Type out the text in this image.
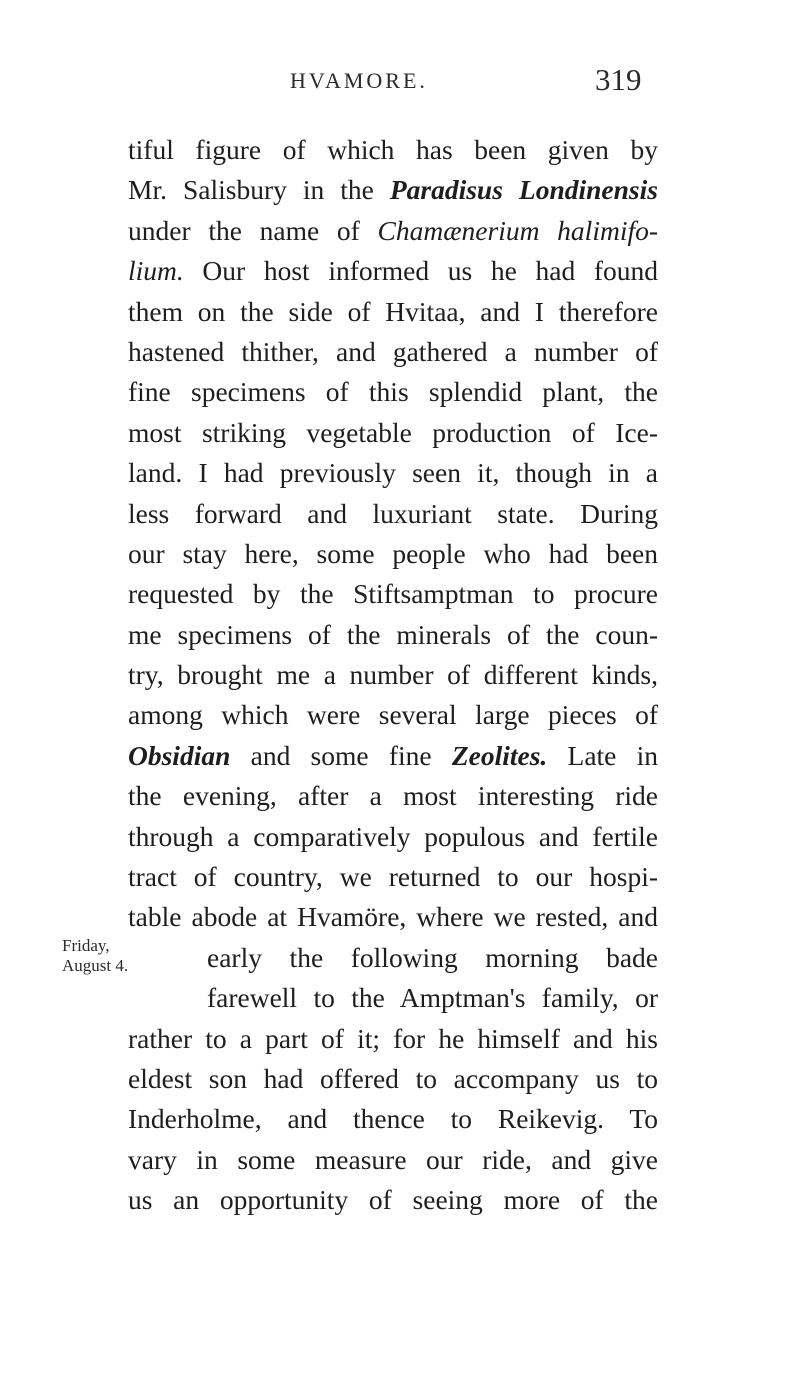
HVAMORE.	319
Friday,
August 4.
tiful figure of which has been given by
Mr. Salisbury in the Paradisus Londinensis
under the name of Chamænerium halimifo-
lium. Our host informed us he had found
them on the side of Hvitaa, and I therefore
hastened thither, and gathered a number of
fine specimens of this splendid plant, the
most striking vegetable production of Ice-
land. I had previously seen it, though in a
less forward and luxuriant state. During
our stay here, some people who had been
requested by the Stiftsamptman to procure
me specimens of the minerals of the coun-
try, brought me a number of different kinds,
among which were several large pieces of
Obsidian and some fine Zeolites. Late in
the evening, after a most interesting ride
through a comparatively populous and fertile
tract of country, we returned to our hospi-
table abode at Hvamöre, where we rested, and
early the following morning bade
farewell to the Amptman's family, or
rather to a part of it; for he himself and his
eldest son had offered to accompany us to
Inderholme, and thence to Reikevig. To
vary in some measure our ride, and give
us an opportunity of seeing more of the
